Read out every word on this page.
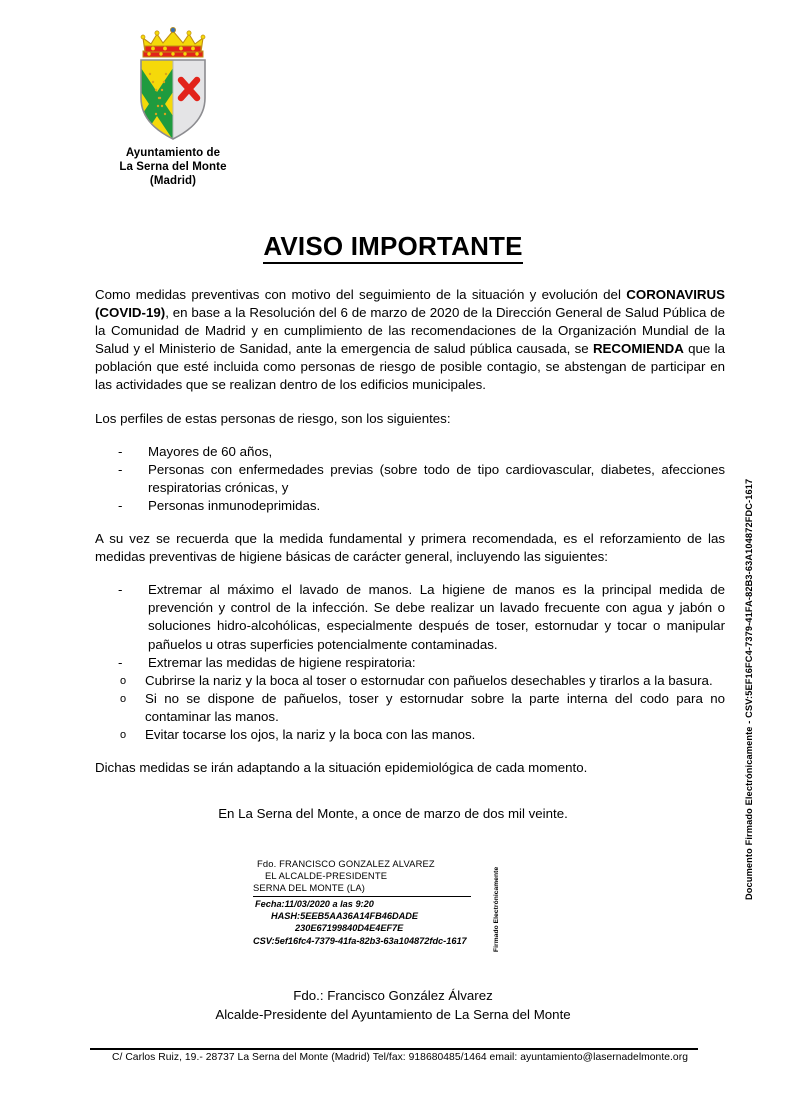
Ayuntamiento de
La Serna del Monte
(Madrid)
AVISO IMPORTANTE

Como medidas preventivas con motivo del seguimiento de la situación y evolución del CORONAVIRUS (COVID-19), en base a la Resolución del 6 de marzo de 2020 de la Dirección General de Salud Pública de la Comunidad de Madrid y en cumplimiento de las recomendaciones de la Organización Mundial de la Salud y el Ministerio de Sanidad, ante la emergencia de salud pública causada, se RECOMIENDA que la población que esté incluida como personas de riesgo de posible contagio, se abstengan de participar en las actividades que se realizan dentro de los edificios municipales.

Los perfiles de estas personas de riesgo, son los siguientes:

- Mayores de 60 años,
- Personas con enfermedades previas (sobre todo de tipo cardiovascular, diabetes, afecciones respiratorias crónicas, y
- Personas inmunodeprimidas.

A su vez se recuerda que la medida fundamental y primera recomendada, es el reforzamiento de las medidas preventivas de higiene básicas de carácter general, incluyendo las siguientes:

- Extremar al máximo el lavado de manos. La higiene de manos es la principal medida de prevención y control de la infección. Se debe realizar un lavado frecuente con agua y jabón o soluciones hidro-alcohólicas, especialmente después de toser, estornudar y tocar o manipular pañuelos u otras superficies potencialmente contaminadas.
- Extremar las medidas de higiene respiratoria:
o Cubrirse la nariz y la boca al toser o estornudar con pañuelos desechables y tirarlos a la basura.
o Si no se dispone de pañuelos, toser y estornudar sobre la parte interna del codo para no contaminar las manos.
o Evitar tocarse los ojos, la nariz y la boca con las manos.

Dichas medidas se irán adaptando a la situación epidemiológica de cada momento.

En La Serna del Monte, a once de marzo de dos mil veinte.
Fdo. FRANCISCO GONZALEZ ALVAREZ
EL ALCALDE-PRESIDENTE
SERNA DEL MONTE (LA)
Fecha:11/03/2020 a las 9:20
HASH:5EEB5AA36A14FB46DADE
230E67199840D4E4EF7E
CSV:5ef16fc4-7379-41fa-82b3-63a104872fdc-1617	Firmado Electrónicamente
Fdo.: Francisco González Álvarez
Alcalde-Presidente del Ayuntamiento de La Serna del Monte
Documento Firmado Electrónicamente - CSV:5EF16FC4-7379-41FA-82B3-63A104872FDC-1617
C/ Carlos Ruiz, 19.- 28737 La Serna del Monte (Madrid) Tel/fax: 918680485/1464 email: ayuntamiento@lasernadelmonte.org
